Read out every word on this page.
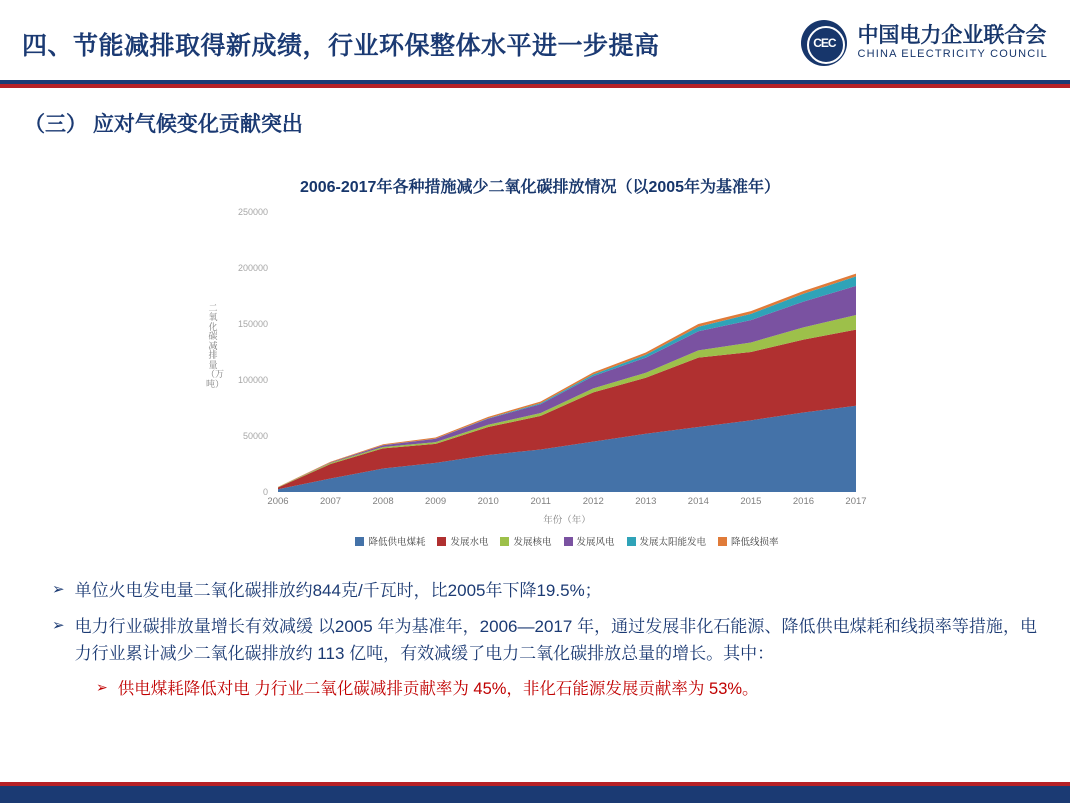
四、节能减排取得新成绩，行业环保整体水平进一步提高 CEC	中国电力企业联合会
CHINA ELECTRICITY COUNCIL
（三） 应对气候变化贡献突出
2006-2017年各种措施减少二氧化碳排放情况（以2005年为基准年）
二氧化碳减排量（万吨）
0
50000
100000
150000
200000
250000
2006	2007	2008	2009	2010	2011	2012	2013	2014	2015	2016	2017
年份（年）
降低供电煤耗	发展水电	发展核电	发展风电	发展太阳能发电	降低线损率
➢ 单位火电发电量二氧化碳排放约844克/千瓦时，比2005年下降19.5%；
➢ 电力行业碳排放量增长有效减缓 以2005 年为基准年，2006—2017 年，通过发展非化石能源、降低供电煤耗和线损率等措施，电力行业累计减少二氧化碳排放约 113 亿吨，有效减缓了电力二氧化碳排放总量的增长。其中：
➢ 供电煤耗降低对电 力行业二氧化碳减排贡献率为 45%，非化石能源发展贡献率为 53%。
